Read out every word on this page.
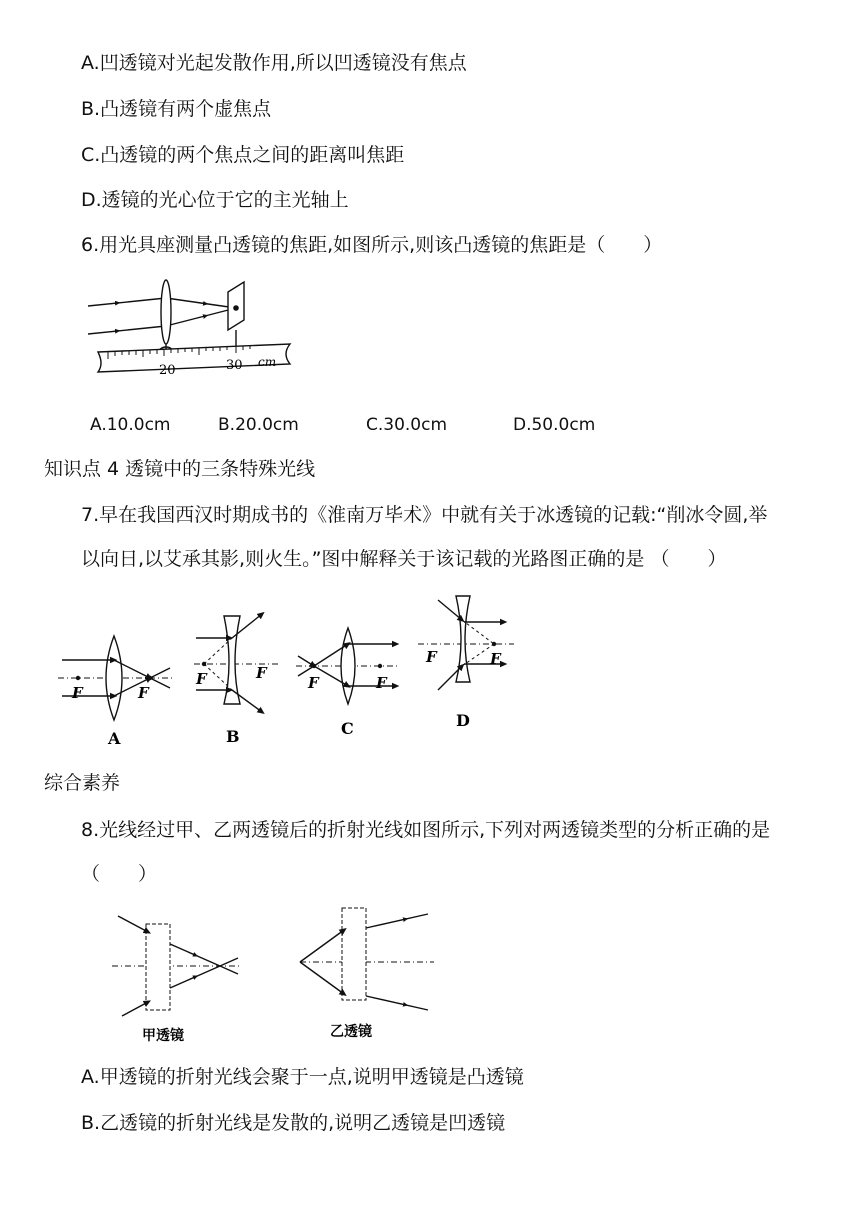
A.凹透镜对光起发散作用,所以凹透镜没有焦点
B.凸透镜有两个虚焦点
C.凸透镜的两个焦点之间的距离叫焦距
D.透镜的光心位于它的主光轴上
6.用光具座测量凸透镜的焦距,如图所示,则该凸透镜的焦距是（　　）
20	30 cm
A.10.0cm	B.20.0cm	C.30.0cm	D.50.0cm
知识点 4 透镜中的三条特殊光线
7.早在我国西汉时期成书的《淮南万毕术》中就有关于冰透镜的记载:“削冰令圆,举
以向日,以艾承其影,则火生。”图中解释关于该记载的光路图正确的是 （　　）
F	F
A
F	F
B
F	F
C
F	F
D
综合素养
8.光线经过甲、乙两透镜后的折射光线如图所示,下列对两透镜类型的分析正确的是
（　　）
甲透镜	乙透镜
A.甲透镜的折射光线会聚于一点,说明甲透镜是凸透镜
B.乙透镜的折射光线是发散的,说明乙透镜是凹透镜
